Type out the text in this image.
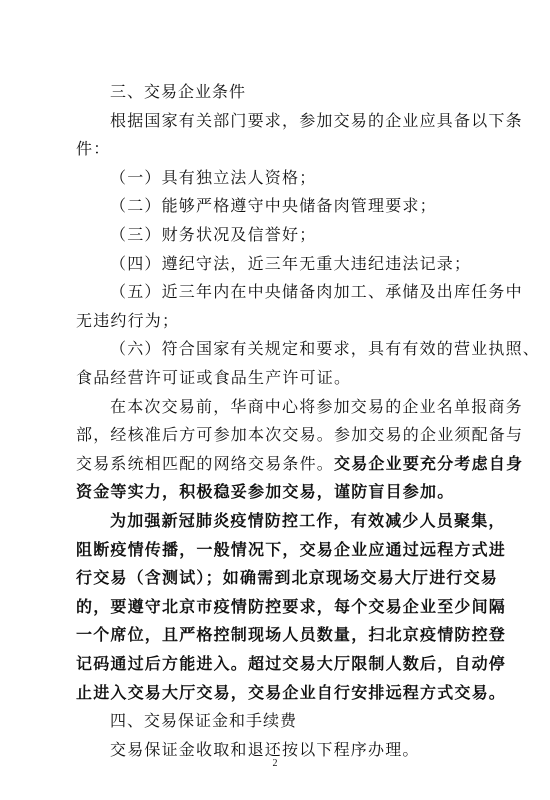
三、交易企业条件
根据国家有关部门要求，参加交易的企业应具备以下条
件：
（一）具有独立法人资格；
（二）能够严格遵守中央储备肉管理要求；
（三）财务状况及信誉好；
（四）遵纪守法，近三年无重大违纪违法记录；
（五）近三年内在中央储备肉加工、承储及出库任务中
无违约行为；
（六）符合国家有关规定和要求，具有有效的营业执照、
食品经营许可证或食品生产许可证。
在本次交易前，华商中心将参加交易的企业名单报商务
部，经核准后方可参加本次交易。参加交易的企业须配备与
交易系统相匹配的网络交易条件。交易企业要充分考虑自身
资金等实力，积极稳妥参加交易，谨防盲目参加。
为加强新冠肺炎疫情防控工作，有效减少人员聚集，
阻断疫情传播，一般情况下，交易企业应通过远程方式进
行交易（含测试）；如确需到北京现场交易大厅进行交易
的，要遵守北京市疫情防控要求，每个交易企业至少间隔
一个席位，且严格控制现场人员数量，扫北京疫情防控登
记码通过后方能进入。超过交易大厅限制人数后，自动停
止进入交易大厅交易，交易企业自行安排远程方式交易。
四、交易保证金和手续费
交易保证金收取和退还按以下程序办理。
2
